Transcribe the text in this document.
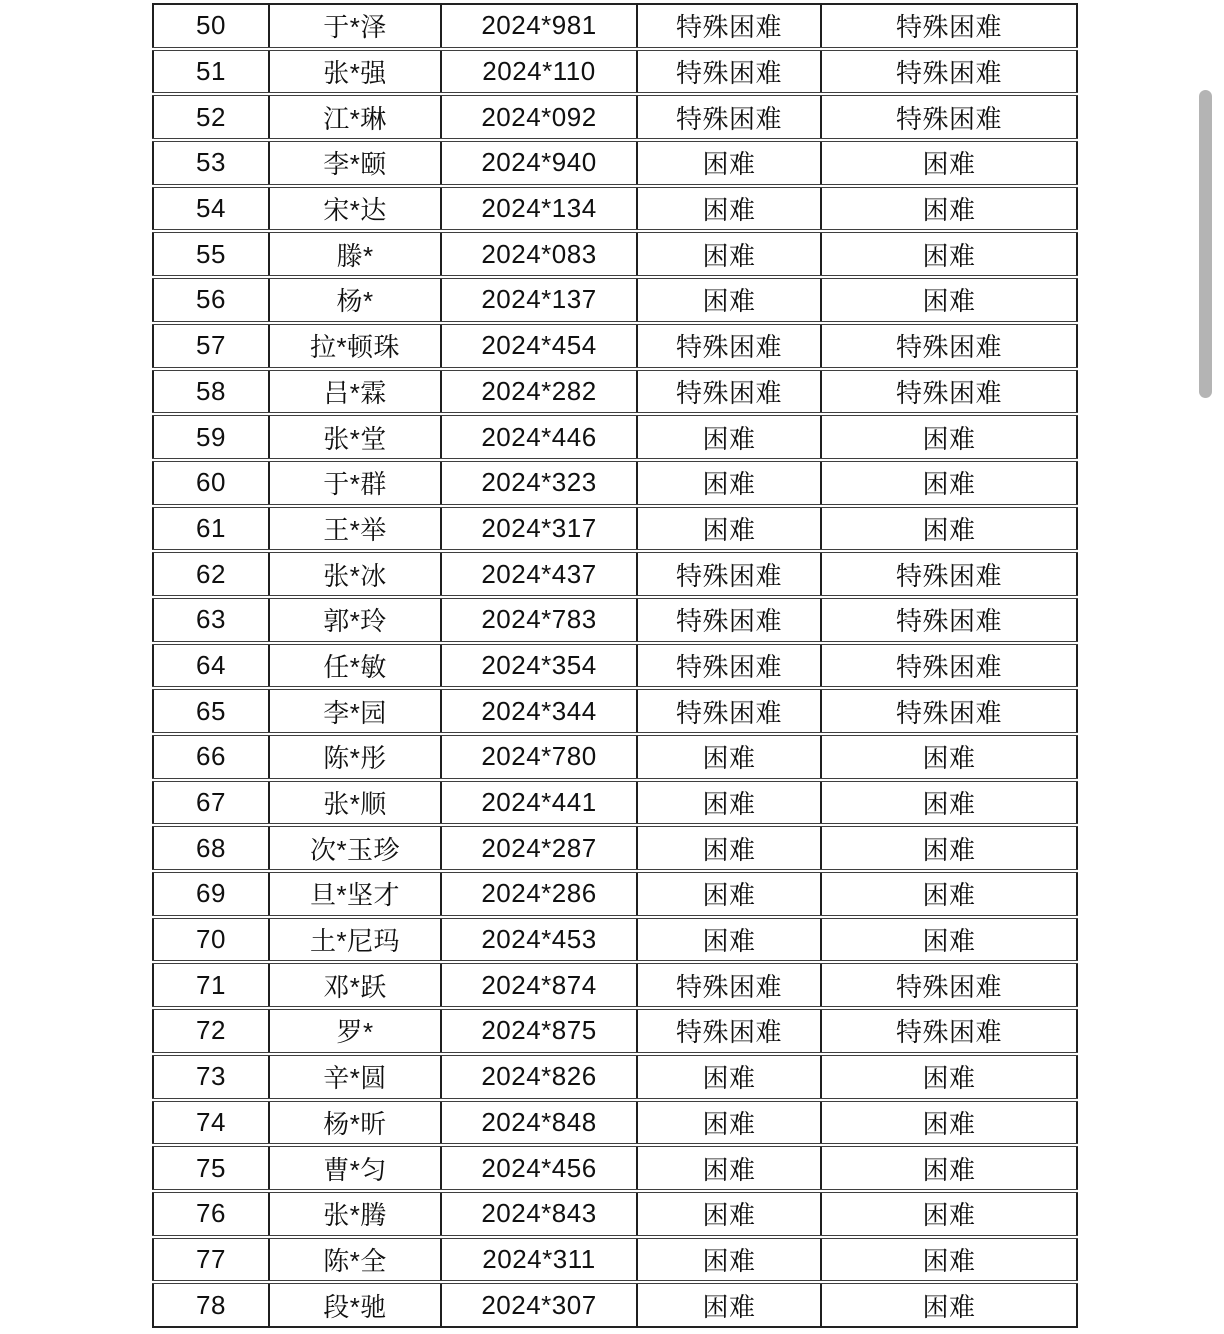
50	于*泽	2024*981	特殊困难	特殊困难
51	张*强	2024*110	特殊困难	特殊困难
52	江*琳	2024*092	特殊困难	特殊困难
53	李*颐	2024*940	困难	困难
54	宋*达	2024*134	困难	困难
55	滕*	2024*083	困难	困难
56	杨*	2024*137	困难	困难
57	拉*顿珠	2024*454	特殊困难	特殊困难
58	吕*霖	2024*282	特殊困难	特殊困难
59	张*堂	2024*446	困难	困难
60	于*群	2024*323	困难	困难
61	王*举	2024*317	困难	困难
62	张*冰	2024*437	特殊困难	特殊困难
63	郭*玲	2024*783	特殊困难	特殊困难
64	任*敏	2024*354	特殊困难	特殊困难
65	李*园	2024*344	特殊困难	特殊困难
66	陈*彤	2024*780	困难	困难
67	张*顺	2024*441	困难	困难
68	次*玉珍	2024*287	困难	困难
69	旦*坚才	2024*286	困难	困难
70	土*尼玛	2024*453	困难	困难
71	邓*跃	2024*874	特殊困难	特殊困难
72	罗*	2024*875	特殊困难	特殊困难
73	辛*圆	2024*826	困难	困难
74	杨*昕	2024*848	困难	困难
75	曹*匀	2024*456	困难	困难
76	张*腾	2024*843	困难	困难
77	陈*全	2024*311	困难	困难
78	段*驰	2024*307	困难	困难
